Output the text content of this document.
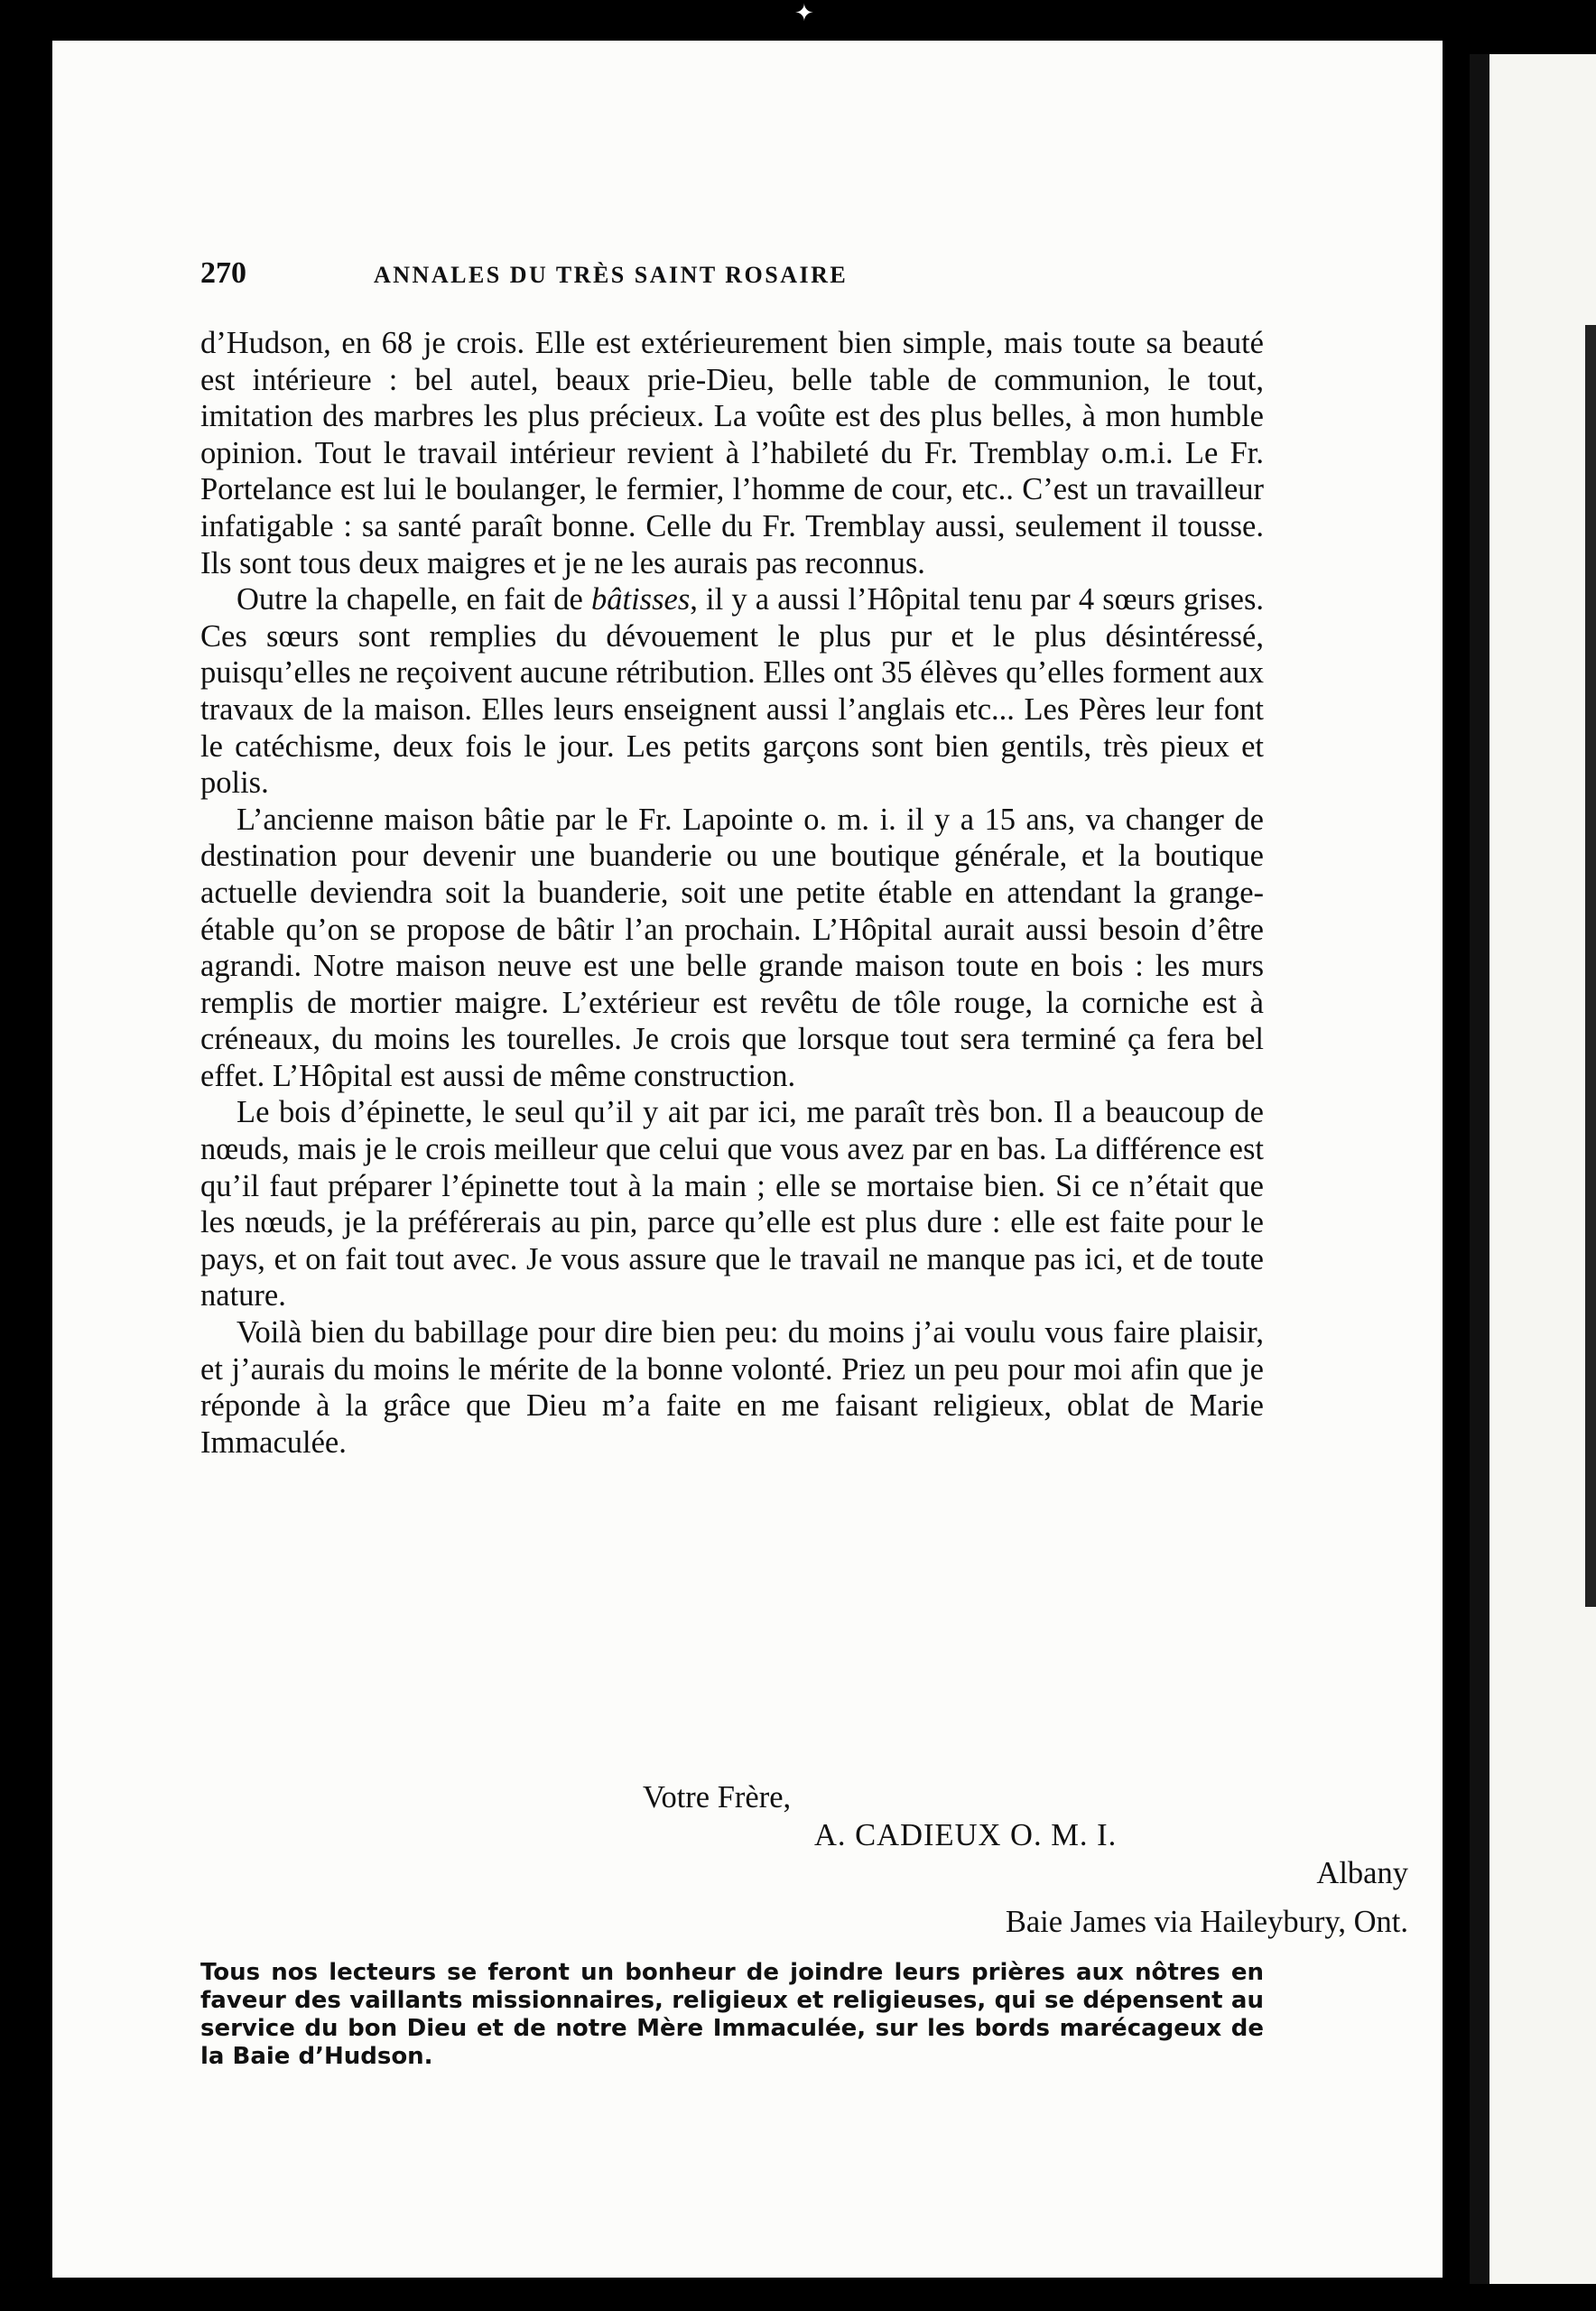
✦
270	ANNALES DU TRÈS SAINT ROSAIRE

d’Hudson, en 68 je crois. Elle est extérieurement bien simple, mais toute sa beauté est intérieure : bel autel, beaux prie-Dieu, belle table de communion, le tout, imitation des marbres les plus précieux. La voûte est des plus belles, à mon humble opinion. Tout le travail intérieur revient à l’habileté du Fr. Tremblay o.m.i. Le Fr. Portelance est lui le boulanger, le fermier, l’homme de cour, etc.. C’est un travailleur infatigable : sa santé paraît bonne. Celle du Fr. Tremblay aussi, seulement il tousse. Ils sont tous deux maigres et je ne les aurais pas reconnus.

Outre la chapelle, en fait de bâtisses, il y a aussi l’Hôpital tenu par 4 sœurs grises. Ces sœurs sont remplies du dévouement le plus pur et le plus désintéressé, puisqu’elles ne reçoivent aucune rétribution. Elles ont 35 élèves qu’elles forment aux travaux de la maison. Elles leurs enseignent aussi l’anglais etc... Les Pères leur font le catéchisme, deux fois le jour. Les petits garçons sont bien gentils, très pieux et polis.

L’ancienne maison bâtie par le Fr. Lapointe o. m. i. il y a 15 ans, va changer de destination pour devenir une buanderie ou une boutique générale, et la boutique actuelle deviendra soit la buanderie, soit une petite étable en attendant la grange-étable qu’on se propose de bâtir l’an prochain. L’Hôpital aurait aussi besoin d’être agrandi. Notre maison neuve est une belle grande maison toute en bois : les murs remplis de mortier maigre. L’extérieur est revêtu de tôle rouge, la corniche est à créneaux, du moins les tourelles. Je crois que lorsque tout sera terminé ça fera bel effet. L’Hôpital est aussi de même construction.

Le bois d’épinette, le seul qu’il y ait par ici, me paraît très bon. Il a beaucoup de nœuds, mais je le crois meilleur que celui que vous avez par en bas. La différence est qu’il faut préparer l’épinette tout à la main ; elle se mortaise bien. Si ce n’était que les nœuds, je la préférerais au pin, parce qu’elle est plus dure : elle est faite pour le pays, et on fait tout avec. Je vous assure que le travail ne manque pas ici, et de toute nature.

Voilà bien du babillage pour dire bien peu: du moins j’ai voulu vous faire plaisir, et j’aurais du moins le mérite de la bonne volonté. Priez un peu pour moi afin que je réponde à la grâce que Dieu m’a faite en me faisant religieux, oblat de Marie Immaculée.

Votre Frère,
A. CADIEUX O. M. I.
Albany
Baie James via Haileybury, Ont.
Tous nos lecteurs se feront un bonheur de joindre leurs prières aux nôtres en faveur des vaillants missionnaires, religieux et religieuses, qui se dépensent au service du bon Dieu et de notre Mère Immaculée, sur les bords marécageux de la Baie d’Hudson.
